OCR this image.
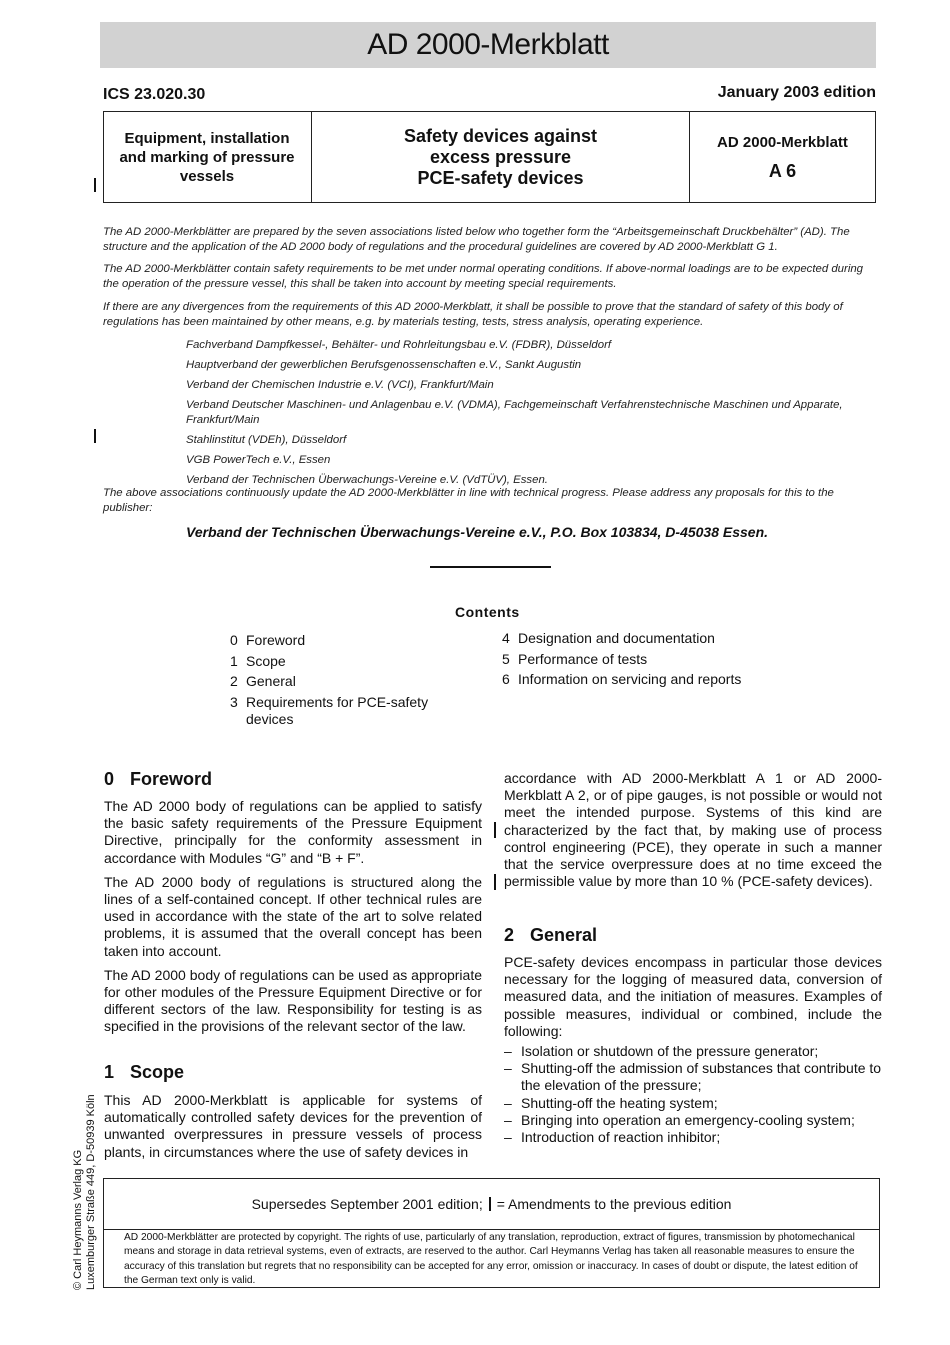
AD 2000-Merkblatt
ICS 23.020.30	January 2003 edition
Equipment, installation
and marking of pressure
vessels
Safety devices against
excess pressure
PCE-safety devices
AD 2000-Merkblatt
A 6
The AD 2000-Merkblätter are prepared by the seven associations listed below who together form the “Arbeitsgemeinschaft Druckbehälter” (AD). The structure and the application of the AD 2000 body of regulations and the procedural guidelines are covered by AD 2000-Merkblatt G 1.
The AD 2000-Merkblätter contain safety requirements to be met under normal operating conditions. If above-normal loadings are to be expected during the operation of the pressure vessel, this shall be taken into account by meeting special requirements.
If there are any divergences from the requirements of this AD 2000-Merkblatt, it shall be possible to prove that the standard of safety of this body of regulations has been maintained by other means, e.g. by materials testing, tests, stress analysis, operating experience.
Fachverband Dampfkessel-, Behälter- und Rohrleitungsbau e.V. (FDBR), Düsseldorf
Hauptverband der gewerblichen Berufsgenossenschaften e.V., Sankt Augustin
Verband der Chemischen Industrie e.V. (VCI), Frankfurt/Main
Verband Deutscher Maschinen- und Anlagenbau e.V. (VDMA), Fachgemeinschaft Verfahrenstechnische Maschinen und Apparate, Frankfurt/Main
Stahlinstitut (VDEh), Düsseldorf
VGB PowerTech e.V., Essen
Verband der Technischen Überwachungs-Vereine e.V. (VdTÜV), Essen.
The above associations continuously update the AD 2000-Merkblätter in line with technical progress. Please address any proposals for this to the publisher:
Verband der Technischen Überwachungs-Vereine e.V., P.O. Box 103834, D-45038 Essen.
Contents
0 Foreword
1 Scope
2 General
3 Requirements for PCE-safety devices
4 Designation and documentation
5 Performance of tests
6 Information on servicing and reports
0 Foreword

The AD 2000 body of regulations can be applied to satisfy the basic safety requirements of the Pressure Equipment Directive, principally for the conformity assessment in accordance with Modules “G” and “B + F”.

The AD 2000 body of regulations is structured along the lines of a self-contained concept. If other technical rules are used in accordance with the state of the art to solve related problems, it is assumed that the overall concept has been taken into account.

The AD 2000 body of regulations can be used as appropriate for other modules of the Pressure Equipment Directive or for different sectors of the law. Responsibility for testing is as specified in the provisions of the relevant sector of the law.

1 Scope

This AD 2000-Merkblatt is applicable for systems of automatically controlled safety devices for the prevention of unwanted overpressures in pressure vessels of process plants, in circumstances where the use of safety devices in

accordance with AD 2000-Merkblatt A 1 or AD 2000-Merkblatt A 2, or of pipe gauges, is not possible or would not meet the intended purpose. Systems of this kind are characterized by the fact that, by making use of process control engineering (PCE), they operate in such a manner that the service overpressure does at no time exceed the permissible value by more than 10 % (PCE-safety devices).

2 General

PCE-safety devices encompass in particular those devices necessary for the logging of measured data, conversion of measured data, and the initiation of measures. Examples of possible measures, individual or combined, include the following:

– Isolation or shutdown of the pressure generator;
– Shutting-off the admission of substances that contribute to the elevation of the pressure;
– Shutting-off the heating system;
– Bringing into operation an emergency-cooling system;
– Introduction of reaction inhibitor;
© Carl Heymanns Verlag KG Luxemburger Straße 449, D-50939 Köln	Supersedes September 2001 edition; = Amendments to the previous edition
AD 2000-Merkblätter are protected by copyright. The rights of use, particularly of any translation, reproduction, extract of figures, transmission by photomechanical means and storage in data retrieval systems, even of extracts, are reserved to the author. Carl Heymanns Verlag has taken all reasonable measures to ensure the accuracy of this translation but regrets that no responsibility can be accepted for any error, omission or inaccuracy. In cases of doubt or dispute, the latest edition of the German text only is valid.
